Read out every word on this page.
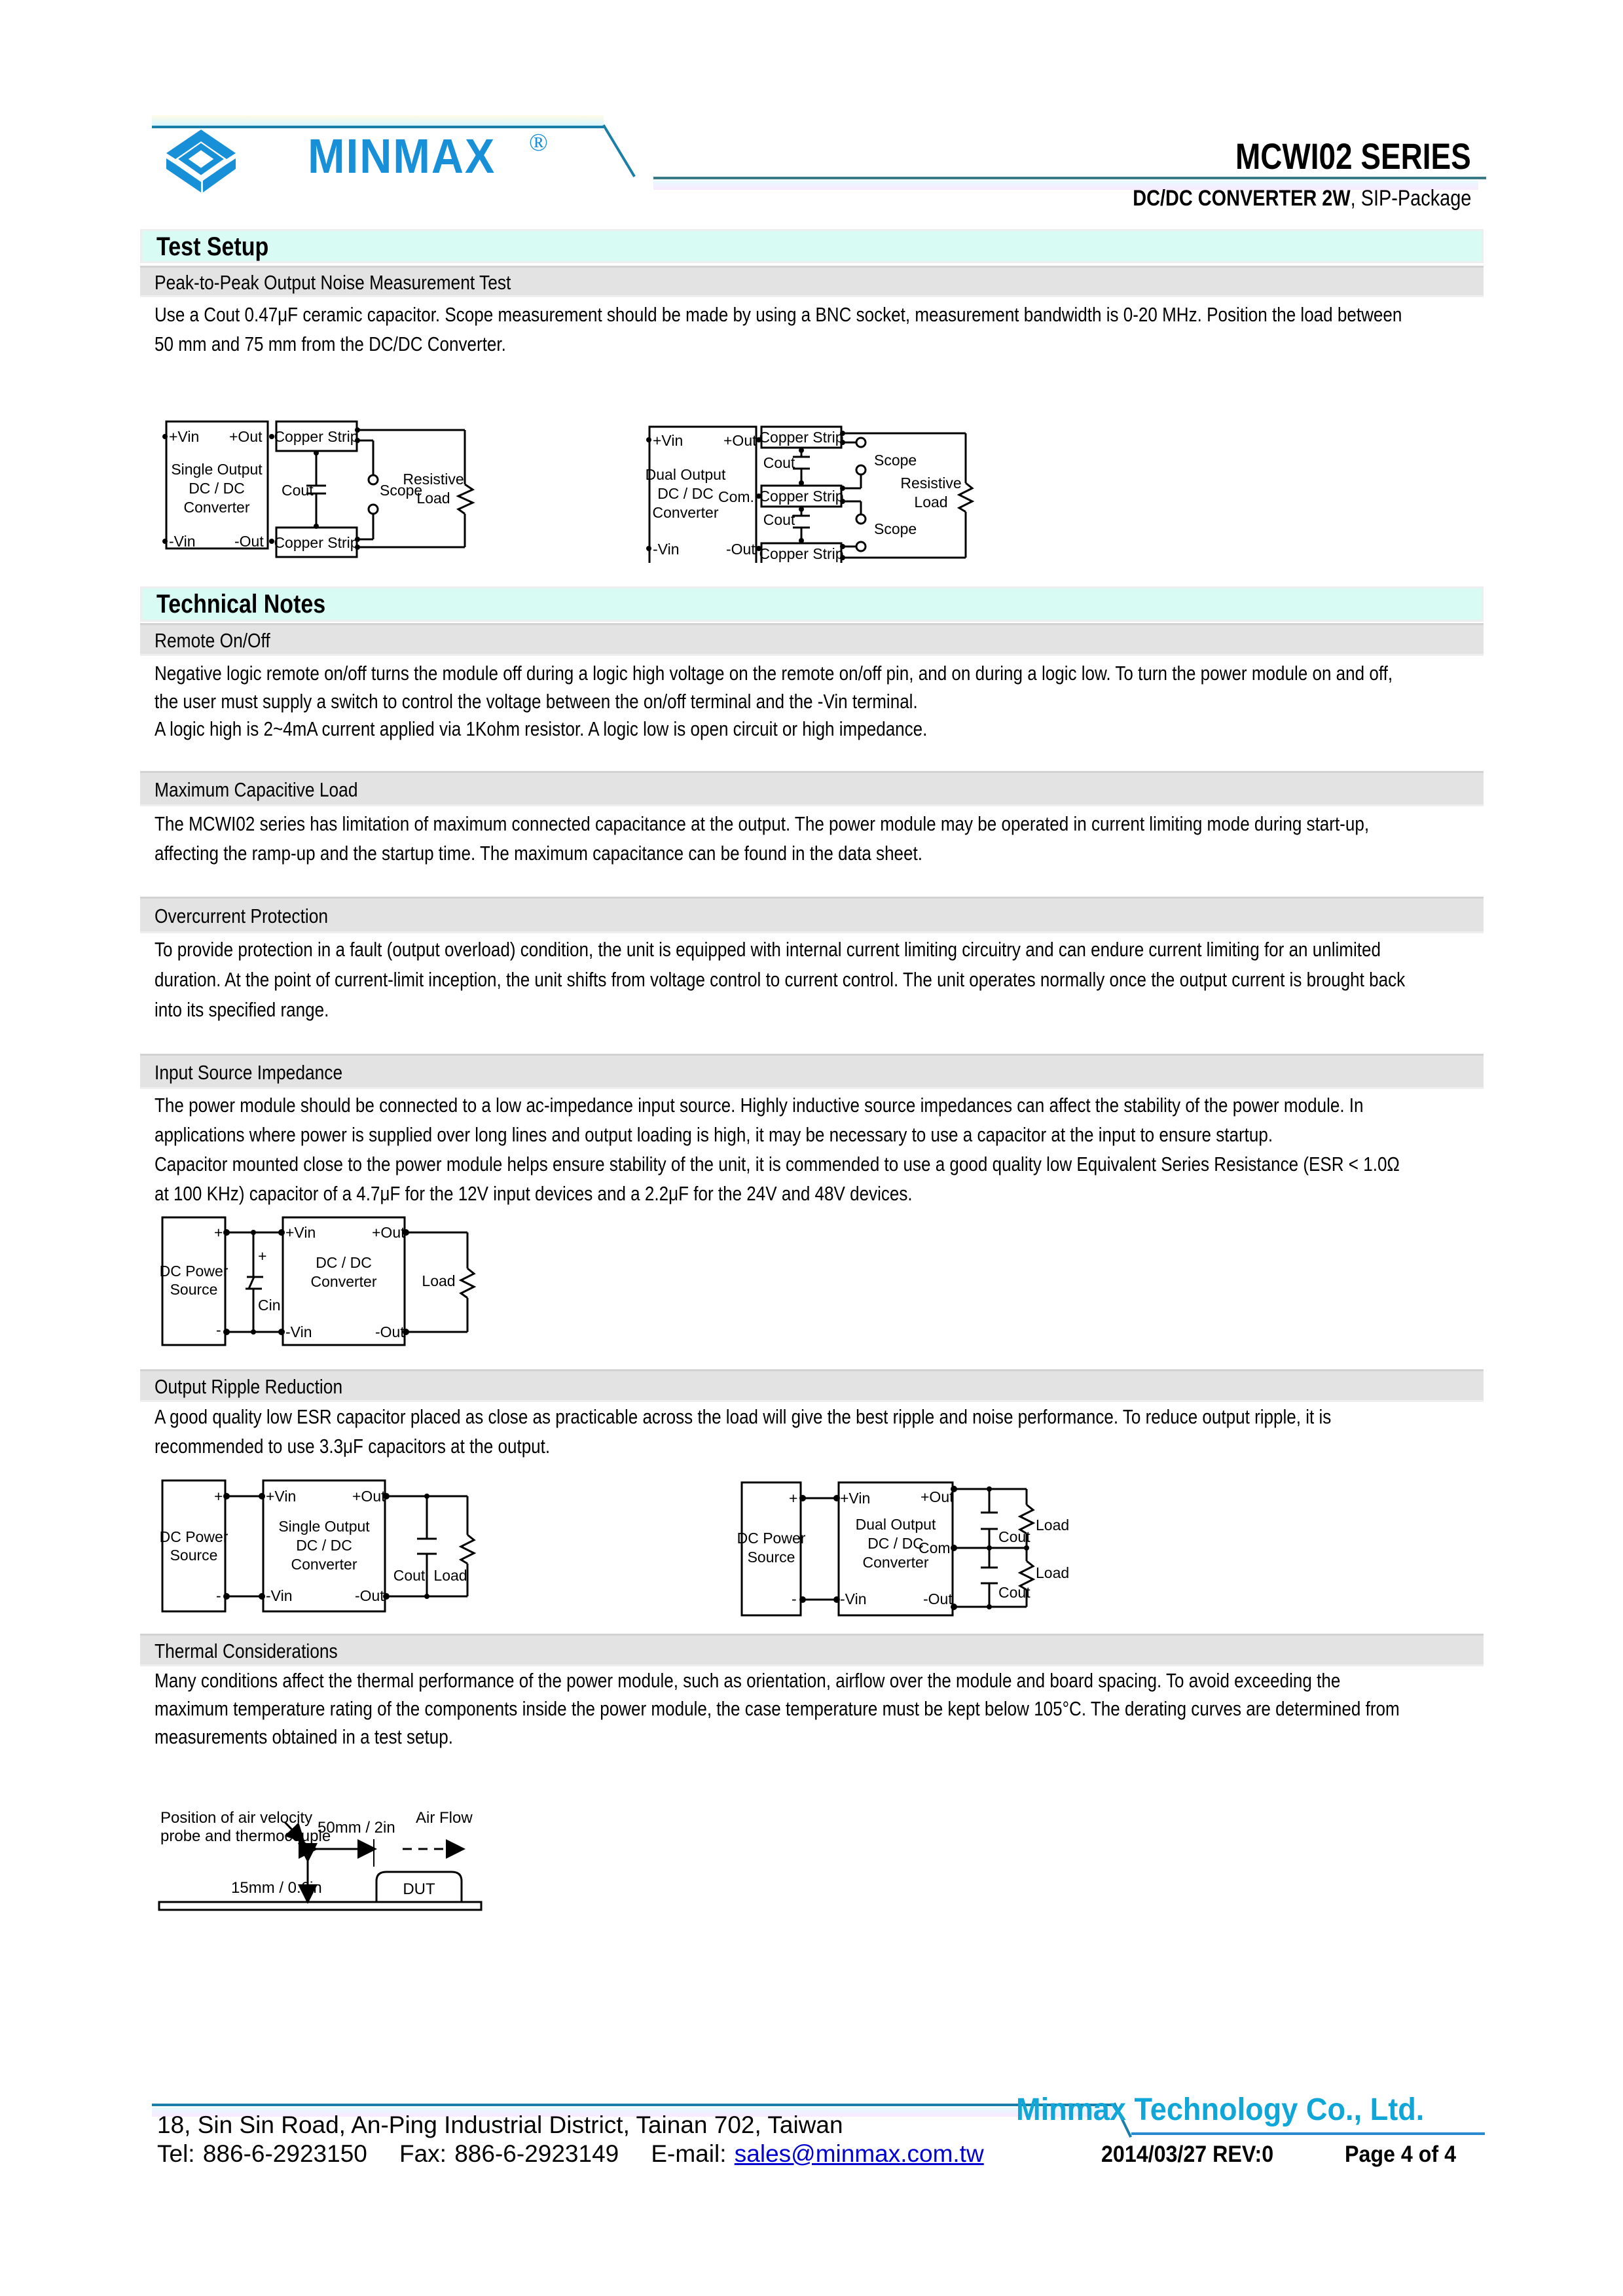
MINMAX ®	MCWI02 SERIES
DC/DC CONVERTER 2W, SIP-Package
Test Setup
Peak-to-Peak Output Noise Measurement Test
Use a Cout 0.47μF ceramic capacitor. Scope measurement should be made by using a BNC socket, measurement bandwidth is 0-20 MHz. Position the load between
50 mm and 75 mm from the DC/DC Converter.
+Vin +Out
-Vin	-Out
Single Output
DC / DC
Converter
Copper Strip
Copper Strip
Cout	Scope
Resistive
Load
+Vin	+Out
Com.
-Vin	-Out
Dual Output
DC / DC
Converter
Copper Strip
Copper Strip
Copper Strip
Cout
Cout
Scope
Scope
Resistive
Load
Technical Notes
Remote On/Off
Negative logic remote on/off turns the module off during a logic high voltage on the remote on/off pin, and on during a logic low. To turn the power module on and off,
the user must supply a switch to control the voltage between the on/off terminal and the -Vin terminal.
A logic high is 2~4mA current applied via 1Kohm resistor. A logic low is open circuit or high impedance.
Maximum Capacitive Load
The MCWI02 series has limitation of maximum connected capacitance at the output. The power module may be operated in current limiting mode during start-up,
affecting the ramp-up and the startup time. The maximum capacitance can be found in the data sheet.
Overcurrent Protection
To provide protection in a fault (output overload) condition, the unit is equipped with internal current limiting circuitry and can endure current limiting for an unlimited
duration. At the point of current-limit inception, the unit shifts from voltage control to current control. The unit operates normally once the output current is brought back
into its specified range.
Input Source Impedance
The power module should be connected to a low ac-impedance input source. Highly inductive source impedances can affect the stability of the power module. In
applications where power is supplied over long lines and output loading is high, it may be necessary to use a capacitor at the input to ensure startup.
Capacitor mounted close to the power module helps ensure stability of the unit, it is commended to use a good quality low Equivalent Series Resistance (ESR < 1.0Ω
at 100 KHz) capacitor of a 4.7μF for the 12V input devices and a 2.2μF for the 24V and 48V devices.
DC Power
Source
+
-
+
Cin
+Vin
-Vin
+Out
-Out
DC / DC
Converter	Load
Output Ripple Reduction
A good quality low ESR capacitor placed as close as practicable across the load will give the best ripple and noise performance. To reduce output ripple, it is
recommended to use 3.3μF capacitors at the output.
DC Power
Source
+
-
+Vin
-Vin
+Out
-Out
Single Output
DC / DC
Converter
Cout Load
DC Power
Source
+
-
+Vin
-Vin
+Out
Com.
-Out
Dual Output
DC / DC
Converter
Cout
Cout
Load
Load
Thermal Considerations
Many conditions affect the thermal performance of the power module, such as orientation, airflow over the module and board spacing. To avoid exceeding the
maximum temperature rating of the components inside the power module, the case temperature must be kept below 105°C. The derating curves are determined from
measurements obtained in a test setup.
Position of air velocity
probe and thermocouple
50mm / 2in
15mm / 0.6in
Air Flow
DUT
Minmax Technology Co., Ltd.
18, Sin Sin Road, An-Ping Industrial District, Tainan 702, Taiwan
Tel: 886-6-2923150 Fax: 886-6-2923149 E-mail: sales@minmax.com.tw	2014/03/27 REV:0	Page 4 of 4
